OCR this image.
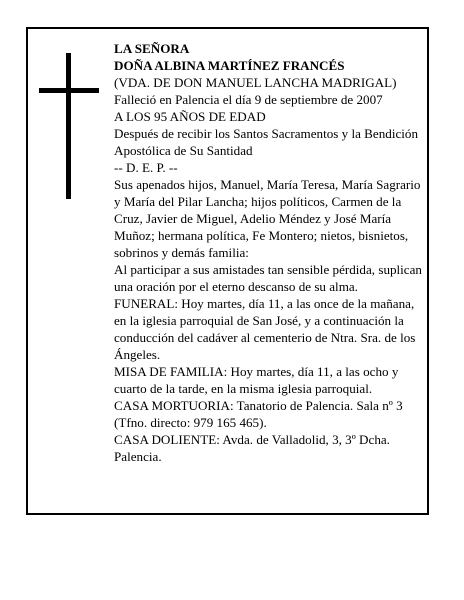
LA SEÑORA

DOÑA ALBINA MARTÍNEZ FRANCÉS

(VDA. DE DON MANUEL LANCHA MADRIGAL)

Falleció en Palencia el día 9 de septiembre de 2007

A LOS 95 AÑOS DE EDAD

Después de recibir los Santos Sacramentos y la Bendición Apostólica de Su Santidad

-- D. E. P. --

Sus apenados hijos, Manuel, María Teresa, María Sagrario y María del Pilar Lancha; hijos políticos, Carmen de la Cruz, Javier de Miguel, Adelio Méndez y José María Muñoz; hermana política, Fe Montero; nietos, bisnietos, sobrinos y demás familia:

Al participar a sus amistades tan sensible pérdida, suplican una oración por el eterno descanso de su alma.

FUNERAL: Hoy martes, día 11, a las once de la mañana, en la iglesia parroquial de San José, y a continuación la conducción del cadáver al cementerio de Ntra. Sra. de los Ángeles.

MISA DE FAMILIA: Hoy martes, día 11, a las ocho y cuarto de la tarde, en la misma iglesia parroquial.

CASA MORTUORIA: Tanatorio de Palencia. Sala nº 3 (Tfno. directo: 979 165 465).

CASA DOLIENTE: Avda. de Valladolid, 3, 3º Dcha. Palencia.
